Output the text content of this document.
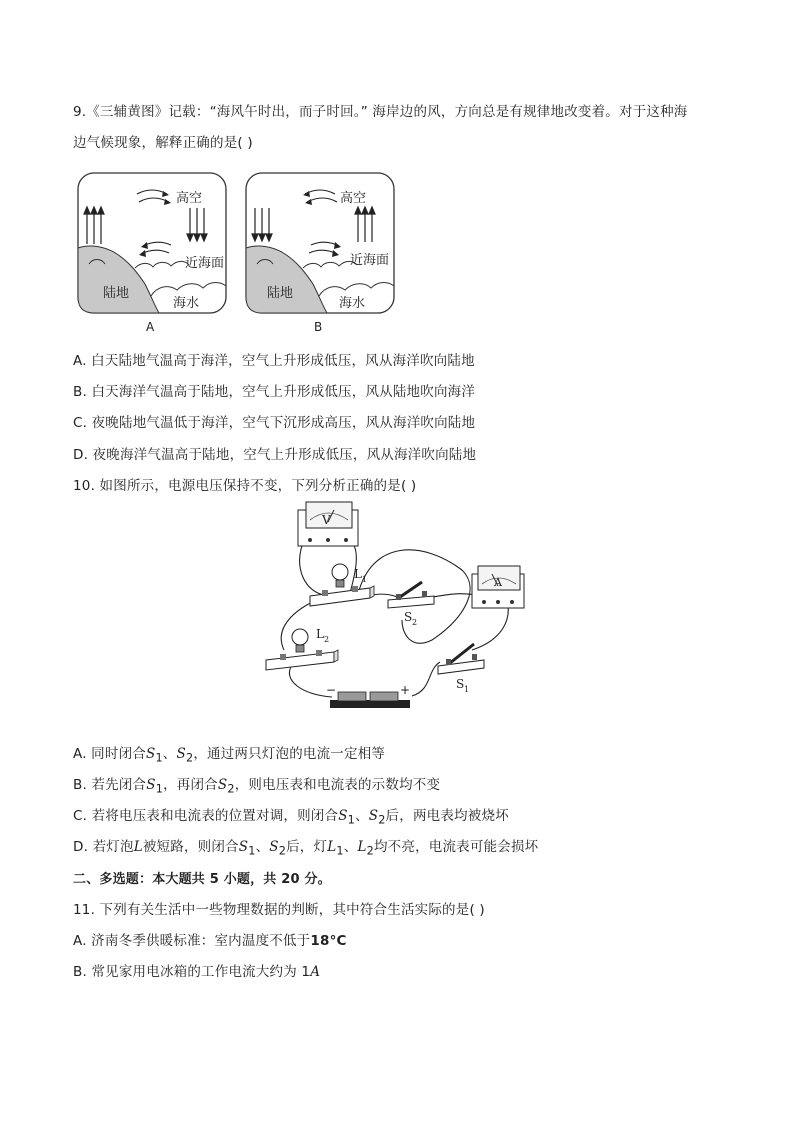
9.《三辅黄图》记载：“海风午时出，而子时回。” 海岸边的风，方向总是有规律地改变着。对于这种海
边气候现象，解释正确的是( )
高空
近海面
陆地
海水
A
高空
近海面
陆地
海水
B
A. 白天陆地气温高于海洋，空气上升形成低压，风从海洋吹向陆地
B. 白天海洋气温高于陆地，空气上升形成低压，风从陆地吹向海洋
C. 夜晚陆地气温低于海洋，空气下沉形成高压，风从海洋吹向陆地
D. 夜晚海洋气温高于陆地，空气上升形成低压，风从海洋吹向陆地
10. 如图所示，电源电压保持不变，下列分析正确的是( )
V
L 1
S 2
A
L 2
S 1
−	+
A. 同时闭合$S_1$、$S_2$，通过两只灯泡的电流一定相等
B. 若先闭合$S_1$，再闭合$S_2$，则电压表和电流表的示数均不变
C. 若将电压表和电流表的位置对调，则闭合$S_1$、$S_2$后，两电表均被烧坏
D. 若灯泡L被短路，则闭合$S_1$、$S_2$后，灯$L_1$、$L_2$均不亮，电流表可能会损坏
二、多选题：本大题共 5 小题，共 20 分。
11. 下列有关生活中一些物理数据的判断，其中符合生活实际的是( )
A. 济南冬季供暖标准：室内温度不低于18°C
B. 常见家用电冰箱的工作电流大约为 1A
